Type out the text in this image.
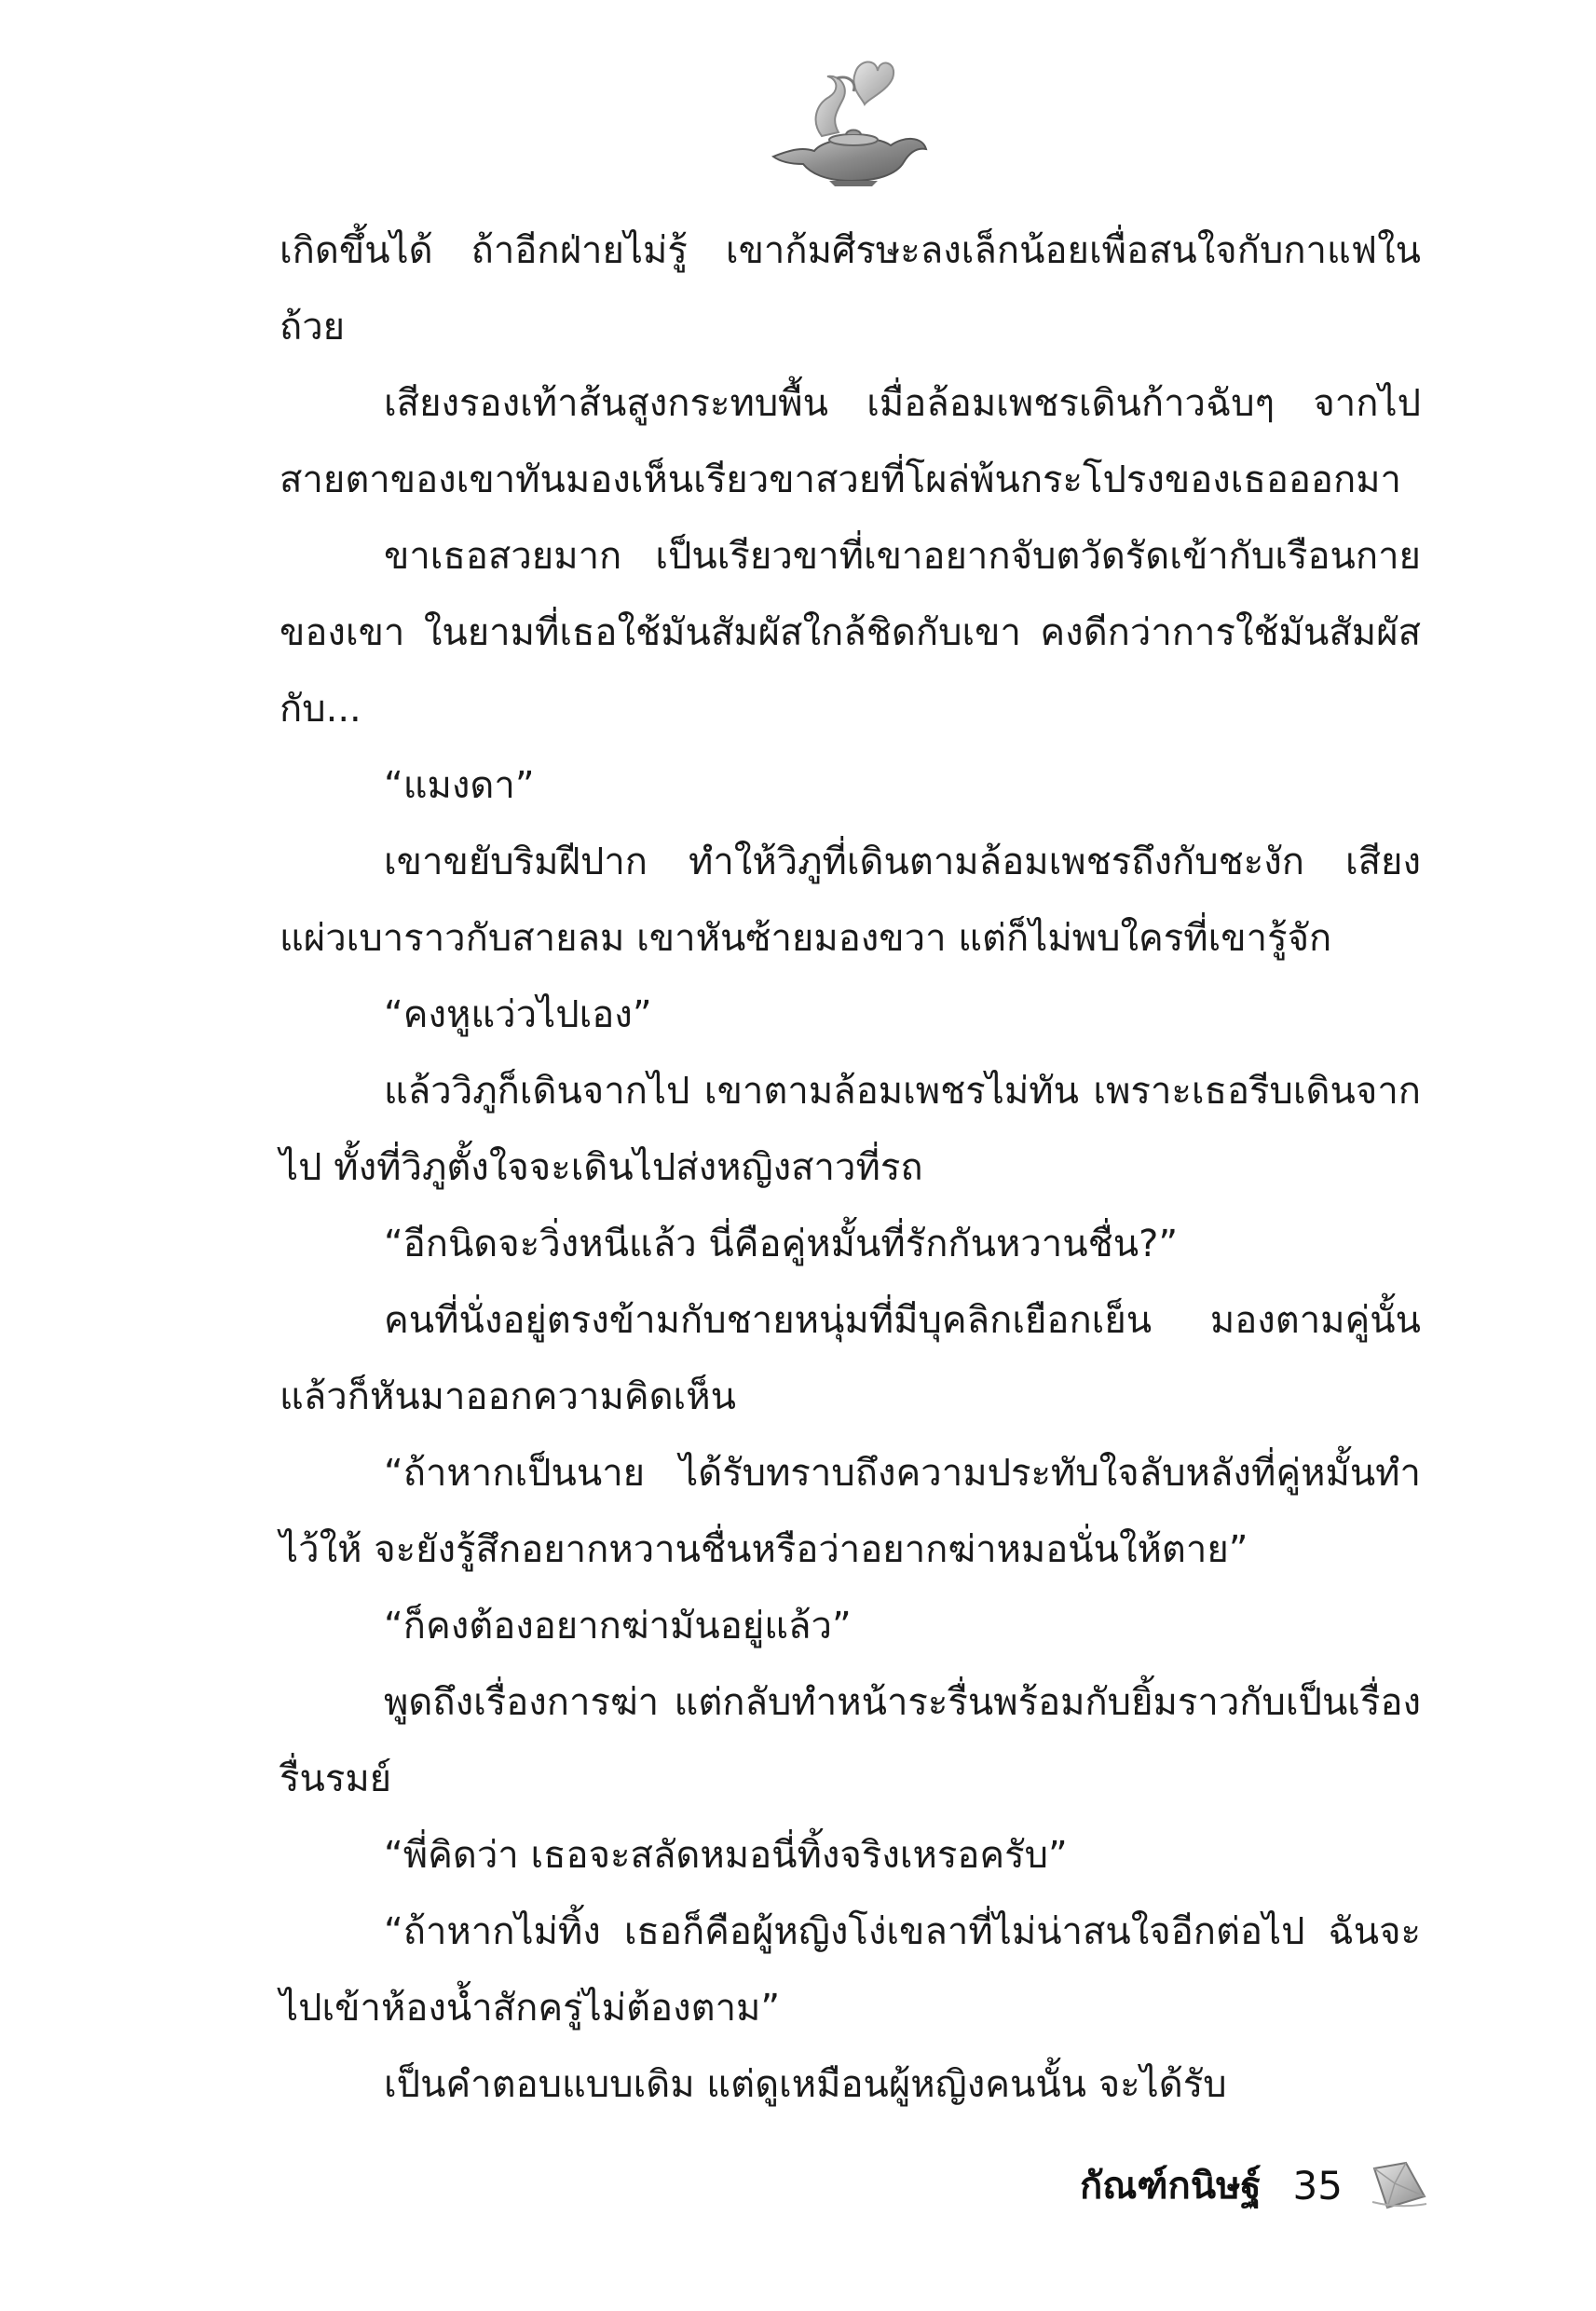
เกิดขึ้นได้ ถ้าอีกฝ่ายไม่รู้ เขาก้มศีรษะลงเล็กน้อยเพื่อสนใจกับกาแฟในถ้วย

เสียงรองเท้าส้นสูงกระทบพื้น เมื่อล้อมเพชรเดินก้าวฉับๆ จากไป สายตาของเขาทันมองเห็นเรียวขาสวยที่โผล่พ้นกระโปรงของเธอออกมา

ขาเธอสวยมาก เป็นเรียวขาที่เขาอยากจับตวัดรัดเข้ากับเรือนกายของเขา ในยามที่เธอใช้มันสัมผัสใกล้ชิดกับเขา คงดีกว่าการใช้มันสัมผัสกับ...

“แมงดา”

เขาขยับริมฝีปาก ทำให้วิภูที่เดินตามล้อมเพชรถึงกับชะงัก เสียงแผ่วเบาราวกับสายลม เขาหันซ้ายมองขวา แต่ก็ไม่พบใครที่เขารู้จัก

“คงหูแว่วไปเอง”

แล้ววิภูก็เดินจากไป เขาตามล้อมเพชรไม่ทัน เพราะเธอรีบเดินจากไป ทั้งที่วิภูตั้งใจจะเดินไปส่งหญิงสาวที่รถ

“อีกนิดจะวิ่งหนีแล้ว นี่คือคู่หมั้นที่รักกันหวานชื่น?”

คนที่นั่งอยู่ตรงข้ามกับชายหนุ่มที่มีบุคลิกเยือกเย็น มองตามคู่นั้นแล้วก็หันมาออกความคิดเห็น

“ถ้าหากเป็นนาย ได้รับทราบถึงความประทับใจลับหลังที่คู่หมั้นทำไว้ให้ จะยังรู้สึกอยากหวานชื่นหรือว่าอยากฆ่าหมอนั่นให้ตาย”

“ก็คงต้องอยากฆ่ามันอยู่แล้ว”

พูดถึงเรื่องการฆ่า แต่กลับทำหน้าระรื่นพร้อมกับยิ้มราวกับเป็นเรื่องรื่นรมย์

“พี่คิดว่า เธอจะสลัดหมอนี่ทิ้งจริงเหรอครับ”

“ถ้าหากไม่ทิ้ง เธอก็คือผู้หญิงโง่เขลาที่ไม่น่าสนใจอีกต่อไป ฉันจะไปเข้าห้องน้ำสักครู่ไม่ต้องตาม”

เป็นคำตอบแบบเดิม แต่ดูเหมือนผู้หญิงคนนั้น จะได้รับ

กัณฑ์กนิษฐ์ 35
